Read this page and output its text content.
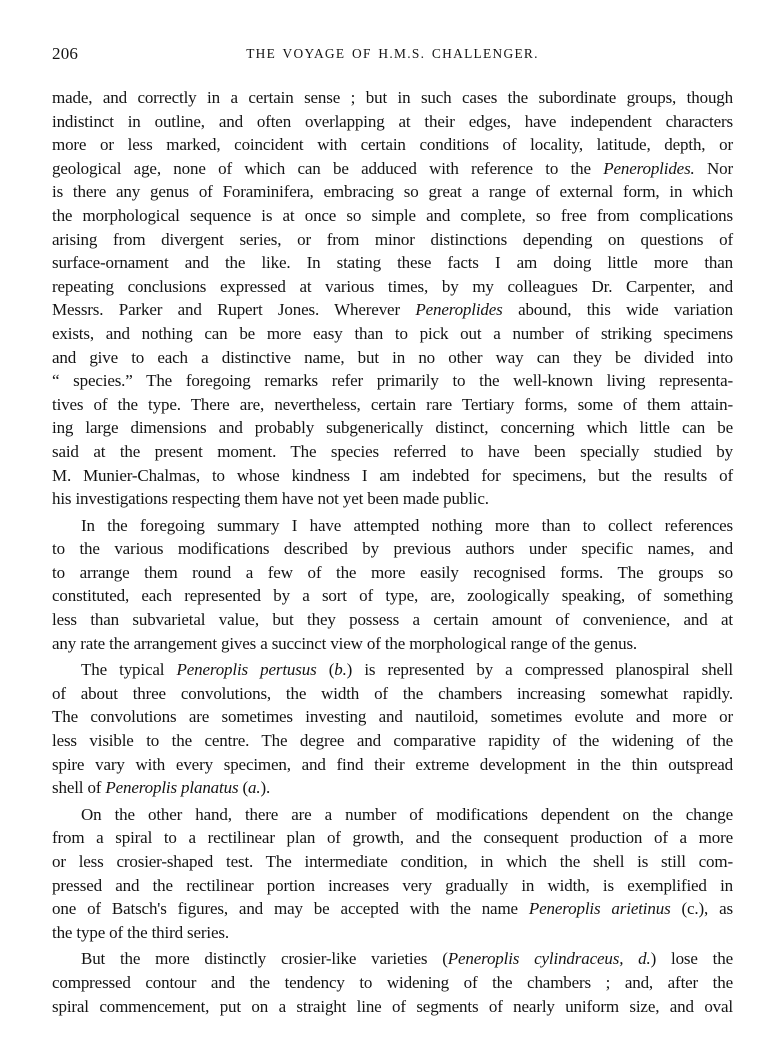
206	THE VOYAGE OF H.M.S. CHALLENGER.

made, and correctly in a certain sense ; but in such cases the subordinate groups, though
indistinct in outline, and often overlapping at their edges, have independent characters
more or less marked, coincident with certain conditions of locality, latitude, depth, or
geological age, none of which can be adduced with reference to the Peneroplides. Nor
is there any genus of Foraminifera, embracing so great a range of external form, in which
the morphological sequence is at once so simple and complete, so free from complications
arising from divergent series, or from minor distinctions depending on questions of
surface-ornament and the like. In stating these facts I am doing little more than
repeating conclusions expressed at various times, by my colleagues Dr. Carpenter, and
Messrs. Parker and Rupert Jones. Wherever Peneroplides abound, this wide variation
exists, and nothing can be more easy than to pick out a number of striking specimens
and give to each a distinctive name, but in no other way can they be divided into
“ species.” The foregoing remarks refer primarily to the well-known living representa-
tives of the type. There are, nevertheless, certain rare Tertiary forms, some of them attain-
ing large dimensions and probably subgenerically distinct, concerning which little can be
said at the present moment. The species referred to have been specially studied by
M. Munier-Chalmas, to whose kindness I am indebted for specimens, but the results of
his investigations respecting them have not yet been made public.

In the foregoing summary I have attempted nothing more than to collect references
to the various modifications described by previous authors under specific names, and
to arrange them round a few of the more easily recognised forms. The groups so
constituted, each represented by a sort of type, are, zoologically speaking, of something
less than subvarietal value, but they possess a certain amount of convenience, and at
any rate the arrangement gives a succinct view of the morphological range of the genus.

The typical Peneroplis pertusus (b.) is represented by a compressed planospiral shell
of about three convolutions, the width of the chambers increasing somewhat rapidly.
The convolutions are sometimes investing and nautiloid, sometimes evolute and more or
less visible to the centre. The degree and comparative rapidity of the widening of the
spire vary with every specimen, and find their extreme development in the thin outspread
shell of Peneroplis planatus (a.).

On the other hand, there are a number of modifications dependent on the change
from a spiral to a rectilinear plan of growth, and the consequent production of a more
or less crosier-shaped test. The intermediate condition, in which the shell is still com-
pressed and the rectilinear portion increases very gradually in width, is exemplified in
one of Batsch's figures, and may be accepted with the name Peneroplis arietinus (c.), as
the type of the third series.

But the more distinctly crosier-like varieties (Peneroplis cylindraceus, d.) lose the
compressed contour and the tendency to widening of the chambers ; and, after the
spiral commencement, put on a straight line of segments of nearly uniform size, and oval
